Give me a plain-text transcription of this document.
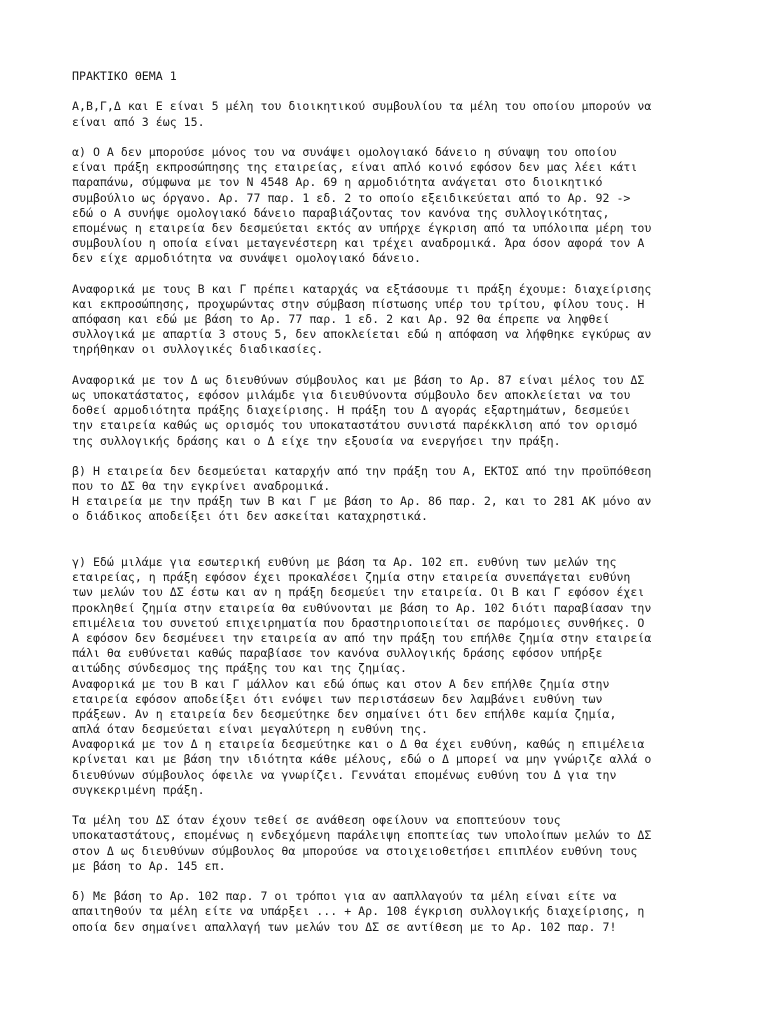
ΠΡΑΚΤΙΚΟ ΘΕΜΑ 1
Α,Β,Γ,Δ και Ε είναι 5 μέλη του διοικητικού συμβουλίου τα μέλη του οποίου μπορούν να
είναι από 3 έως 15.
α) Ο Α δεν μπορούσε μόνος του να συνάψει ομολογιακό δάνειο η σύναψη του οποίου
είναι πράξη εκπροσώπησης της εταιρείας, είναι απλό κοινό εφόσον δεν μας λέει κάτι
παραπάνω, σύμφωνα με τον Ν 4548 Αρ. 69 η αρμοδιότητα ανάγεται στο διοικητικό
συμβούλιο ως όργανο. Αρ. 77 παρ. 1 εδ. 2 το οποίο εξειδικεύεται από το Αρ. 92 ->
εδώ ο Α συνήψε ομολογιακό δάνειο παραβιάζοντας τον κανόνα της συλλογικότητας,
επομένως η εταιρεία δεν δεσμεύεται εκτός αν υπήρχε έγκριση από τα υπόλοιπα μέρη του
συμβουλίου η οποία είναι μεταγενέστερη και τρέχει αναδρομικά. Άρα όσον αφορά τον Α
δεν είχε αρμοδιότητα να συνάψει ομολογιακό δάνειο.
Αναφορικά με τους Β και Γ πρέπει καταρχάς να εξτάσουμε τι πράξη έχουμε: διαχείρισης
και εκπροσώπησης, προχωρώντας στην σύμβαση πίστωσης υπέρ του τρίτου, φίλου τους. Η
απόφαση και εδώ με βάση το Αρ. 77 παρ. 1 εδ. 2 και Αρ. 92 θα έπρεπε να ληφθεί
συλλογικά με απαρτία 3 στους 5, δεν αποκλείεται εδώ η απόφαση να λήφθηκε εγκύρως αν
τηρήθηκαν οι συλλογικές διαδικασίες.
Αναφορικά με τον Δ ως διευθύνων σύμβουλος και με βάση το Αρ. 87 είναι μέλος του ΔΣ
ως υποκατάστατος, εφόσον μιλάμδε για διευθύνοντα σύμβουλο δεν αποκλείεται να του
δοθεί αρμοδιότητα πράξης διαχείρισης. Η πράξη του Δ αγοράς εξαρτημάτων, δεσμεύει
την εταιρεία καθώς ως ορισμός του υποκαταστάτου συνιστά παρέκκλιση από τον ορισμό
της συλλογικής δράσης και ο Δ είχε την εξουσία να ενεργήσει την πράξη.
β) Η εταιρεία δεν δεσμεύεται καταρχήν από την πράξη του Α, ΕΚΤΟΣ από την προϋπόθεση
που το ΔΣ θα την εγκρίνει αναδρομικά.
Η εταιρεία με την πράξη των Β και Γ με βάση το Αρ. 86 παρ. 2, και το 281 ΑΚ μόνο αν
ο διάδικος αποδείξει ότι δεν ασκείται καταχρηστικά.
γ) Εδώ μιλάμε για εσωτερική ευθύνη με βάση τα Αρ. 102 επ. ευθύνη των μελών της
εταιρείας, η πράξη εφόσον έχει προκαλέσει ζημία στην εταιρεία συνεπάγεται ευθύνη
των μελών του ΔΣ έστω και αν η πράξη δεσμεύει την εταιρεία. Οι Β και Γ εφόσον έχει
προκληθεί ζημία στην εταιρεία θα ευθύνονται με βάση το Αρ. 102 διότι παραβίασαν την
επιμέλεια του συνετού επιχειρηματία που δραστηριοποιείται σε παρόμοιες συνθήκες. Ο
Α εφόσον δεν δεσμέυεει την εταιρεία αν από την πράξη του επήλθε ζημία στην εταιρεία
πάλι θα ευθύνεται καθώς παραβίασε τον κανόνα συλλογικής δράσης εφόσον υπήρξε
αιτώδης σύνδεσμος της πράξης του και της ζημίας.
Αναφορικά με του Β και Γ μάλλον και εδώ όπως και στον Α δεν επήλθε ζημία στην
εταιρεία εφόσον αποδείξει ότι ενόψει των περιστάσεων δεν λαμβάνει ευθύνη των
πράξεων. Αν η εταιρεία δεν δεσμεύτηκε δεν σημαίνει ότι δεν επήλθε καμία ζημία,
απλά όταν δεσμεύεται είναι μεγαλύτερη η ευθύνη της.
Αναφορικά με τον Δ η εταιρεία δεσμεύτηκε και ο Δ θα έχει ευθύνη, καθώς η επιμέλεια
κρίνεται και με βάση την ιδιότητα κάθε μέλους, εδώ ο Δ μπορεί να μην γνώριζε αλλά ο
διευθύνων σύμβουλος όφειλε να γνωρίζει. Γεννάται επομένως ευθύνη του Δ για την
συγκεκριμένη πράξη.
Τα μέλη του ΔΣ όταν έχουν τεθεί σε ανάθεση οφείλουν να εποπτεύουν τους
υποκαταστάτους, επομένως η ενδεχόμενη παράλειψη εποπτείας των υπολοίπων μελών το ΔΣ
στον Δ ως διευθύνων σύμβουλος θα μπορούσε να στοιχειοθετήσει επιπλέον ευθύνη τους
με βάση το Αρ. 145 επ.
δ) Με βάση το Αρ. 102 παρ. 7 οι τρόποι για αν ααπλλαγούν τα μέλη είναι είτε να
απαιτηθούν τα μέλη είτε να υπάρξει ... + Αρ. 108 έγκριση συλλογικής διαχείρισης, η
οποία δεν σημαίνει απαλλαγή των μελών του ΔΣ σε αντίθεση με το Αρ. 102 παρ. 7!
